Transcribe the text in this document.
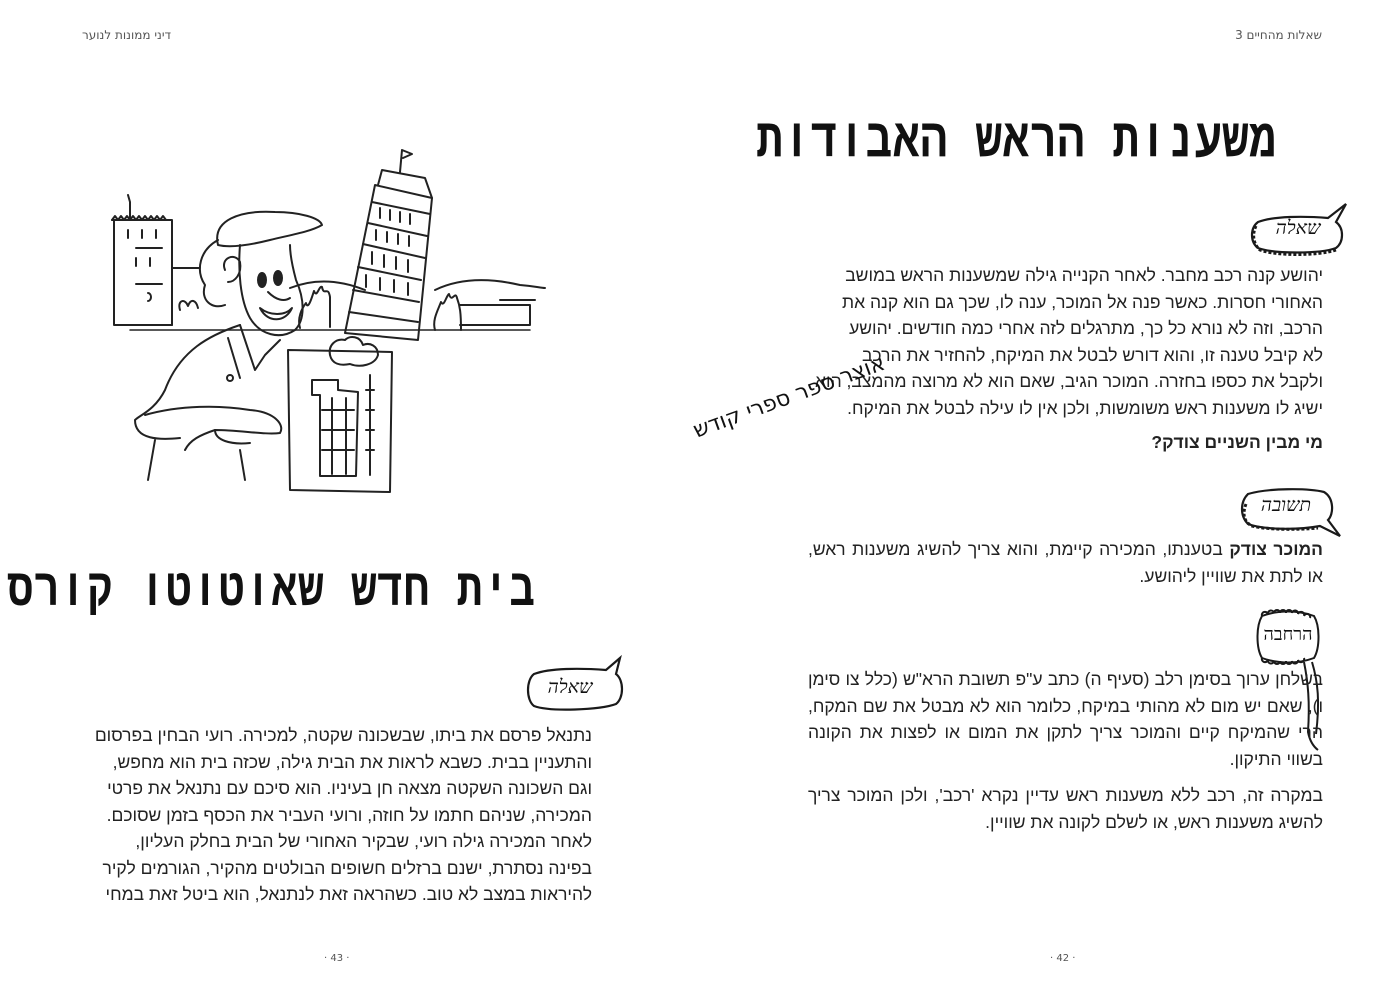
דיני ממונות לנוער
בית חדש שאוטוטו קורס
שאלה
נתנאל פרסם את ביתו, שבשכונה שקטה, למכירה. רועי הבחין בפרסום
והתעניין בבית. כשבא לראות את הבית גילה, שכזה בית הוא מחפש,
וגם השכונה השקטה מצאה חן בעיניו. הוא סיכם עם נתנאל את פרטי
המכירה, שניהם חתמו על חוזה, ורועי העביר את הכסף בזמן שסוכם.
לאחר המכירה גילה רועי, שבקיר האחורי של הבית בחלק העליון,
בפינה נסתרת, ישנם ברזלים חשופים הבולטים מהקיר, הגורמים לקיר
להיראות במצב לא טוב. כשהראה זאת לנתנאל, הוא ביטל זאת במחי
· 43 ·
שאלות מהחיים 3
משענות הראש האבודות
שאלה
יהושע קנה רכב מחבר. לאחר הקנייה גילה שמשענות הראש במושב
האחורי חסרות. כאשר פנה אל המוכר, ענה לו, שכך גם הוא קנה את
הרכב, וזה לא נורא כל כך, מתרגלים לזה אחרי כמה חודשים. יהושע
לא קיבל טענה זו, והוא דורש לבטל את המיקח, להחזיר את הרכב
ולקבל את כספו בחזרה. המוכר הגיב, שאם הוא לא מרוצה מהמצב, הוא
ישיג לו משענות ראש משומשות, ולכן אין לו עילה לבטל את המיקח.
מי מבין השניים צודק?
תשובה

המוכר צודק בטענתו, המכירה קיימת, והוא צריך להשיג משענות ראש, או לתת את שוויין ליהושע.

הרחבה

בשלחן ערוך בסימן רלב (סעיף ה) כתב ע"פ תשובת הרא"ש (כלל צו סימן ו), שאם יש מום לא מהותי במיקח, כלומר הוא לא מבטל את שם המקח, הרי שהמיקח קיים והמוכר צריך לתקן את המום או לפצות את הקונה בשווי התיקון.

במקרה זה, רכב ללא משענות ראש עדיין נקרא 'רכב', ולכן המוכר צריך להשיג משענות ראש, או לשלם לקונה את שוויין.

· 42 ·
אוצר ספר ספרי קודש
